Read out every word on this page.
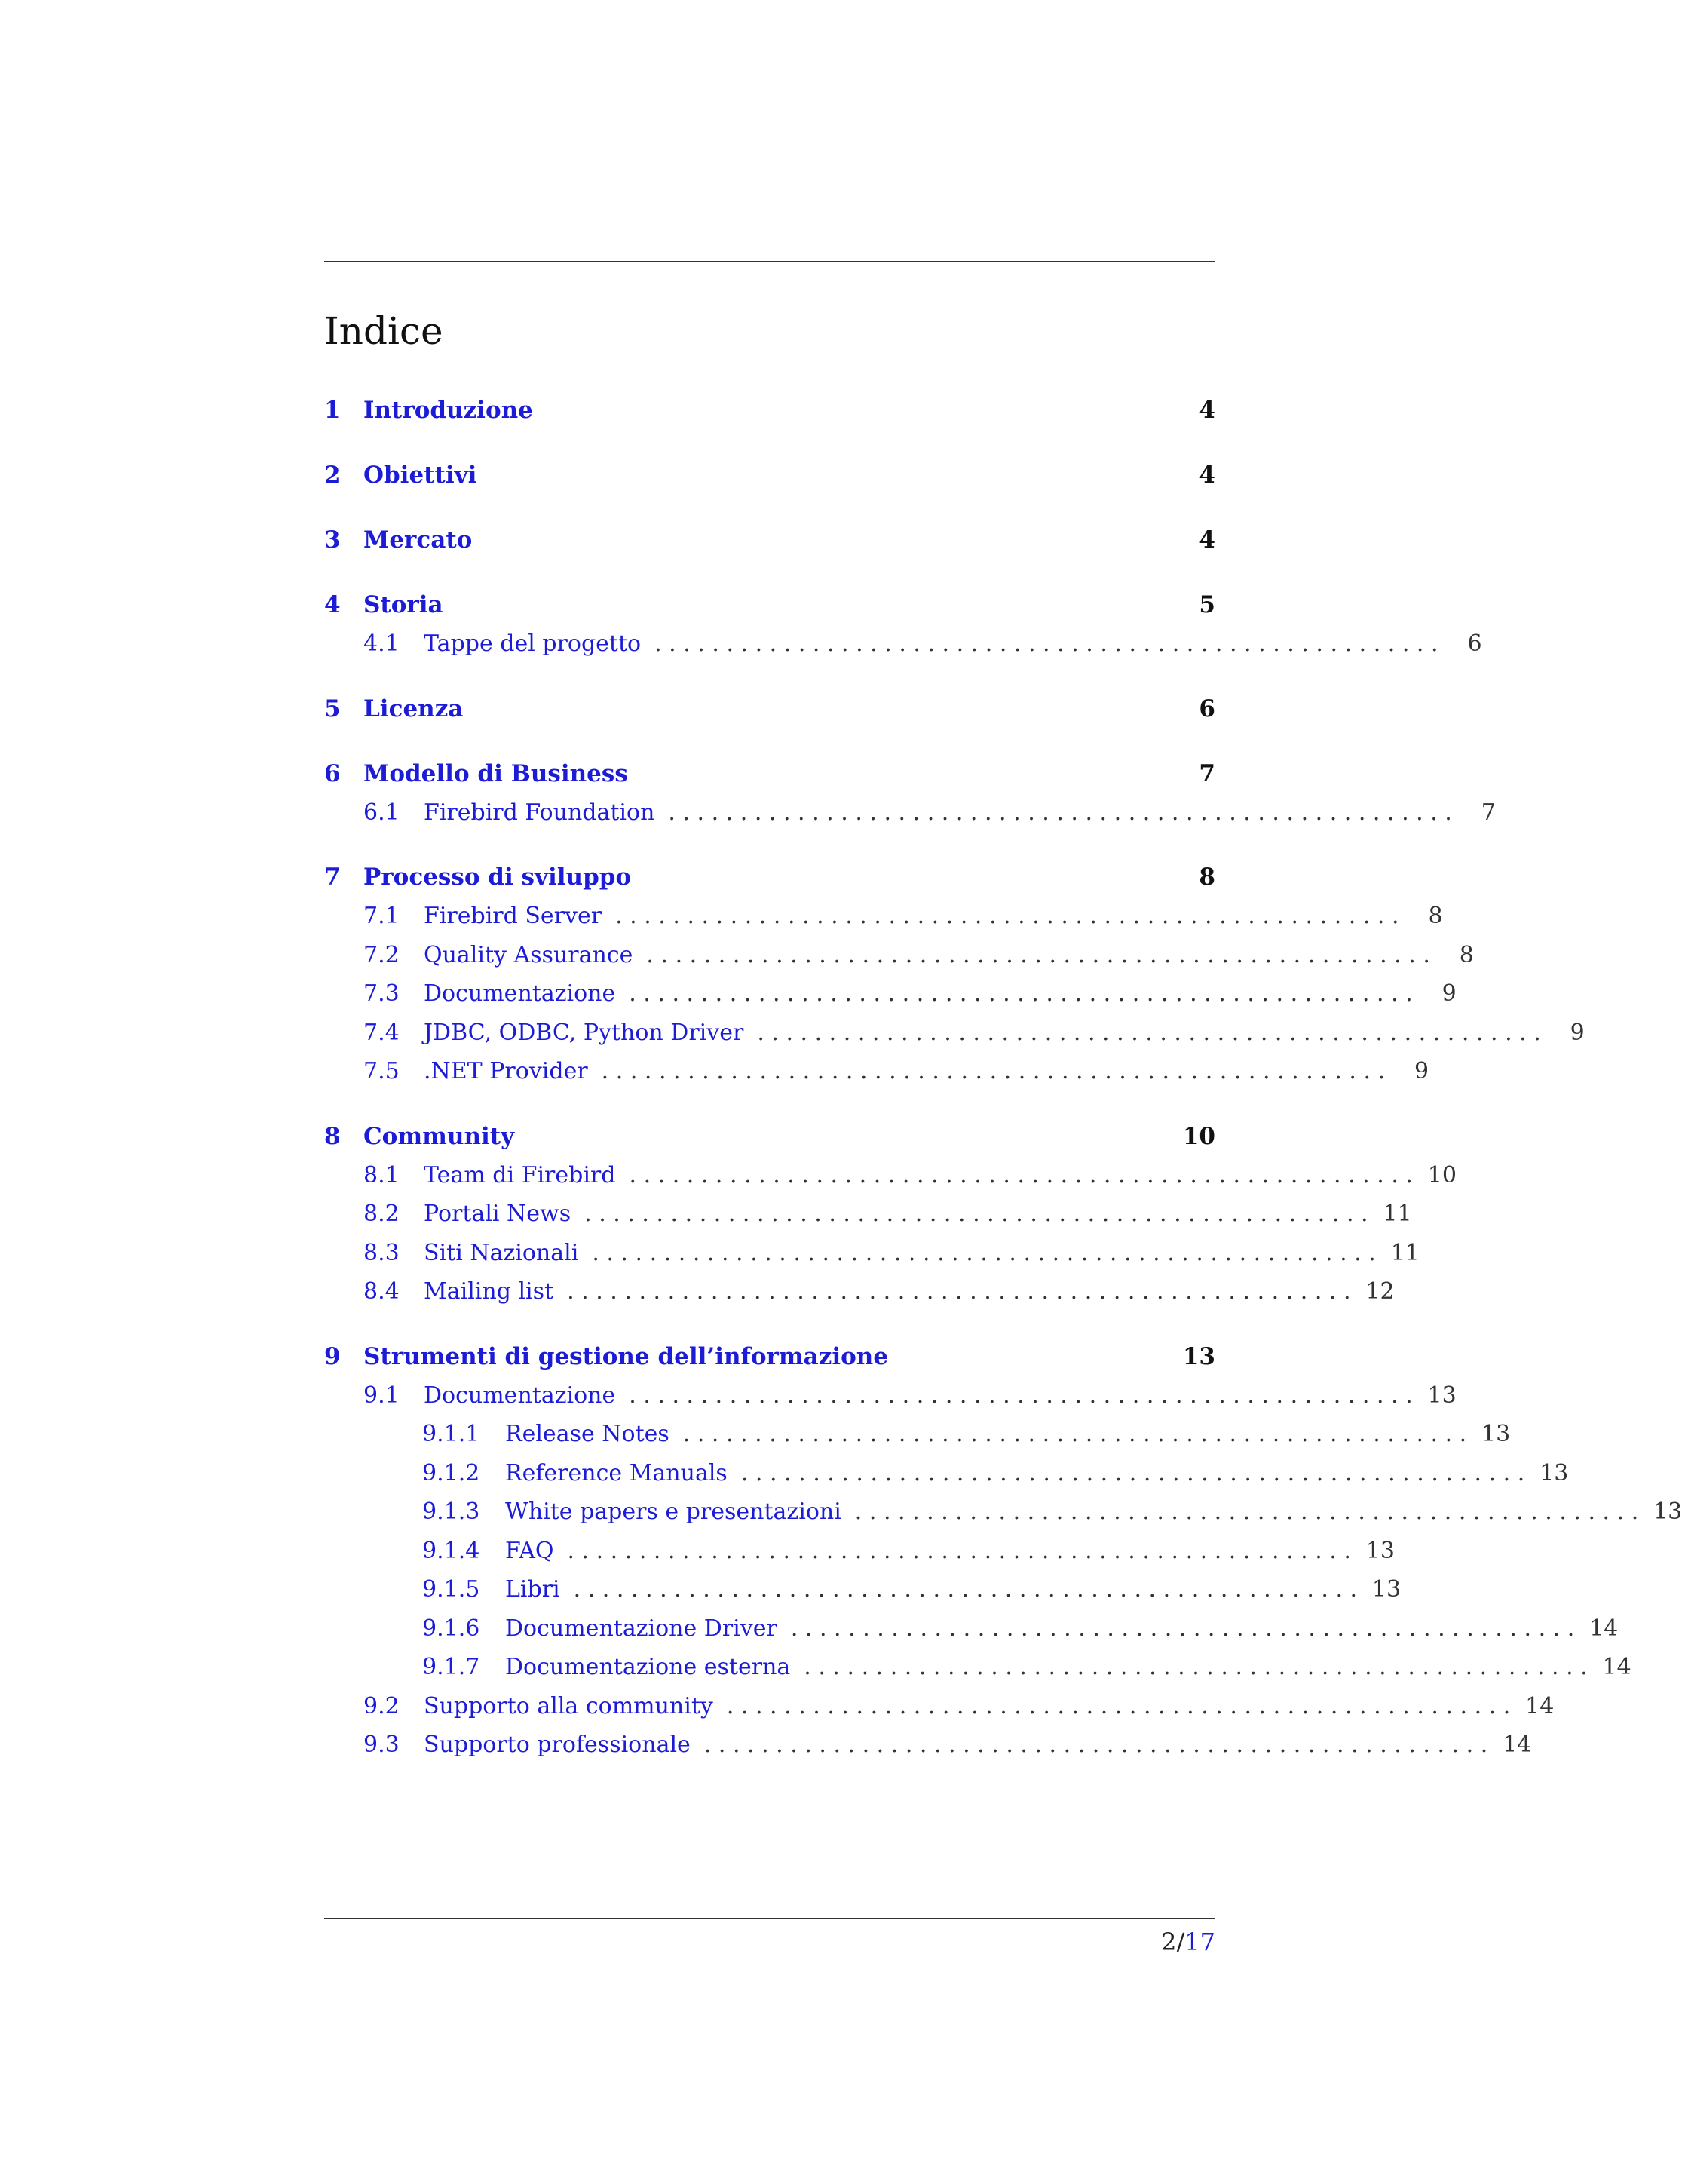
Indice
1 Introduzione	4
2 Obiettivi	4
3 Mercato	4
4 Storia	5
4.1	Tappe del progetto . . . . . . . . . . . . . . . . . . . . . . . . . . . . . . . . . . . . . . . . . . . . . . . . . . . . . . .	6
5 Licenza	6
6 Modello di Business	7
6.1	Firebird Foundation . . . . . . . . . . . . . . . . . . . . . . . . . . . . . . . . . . . . . . . . . . . . . . . . . . . . . . .	7
7 Processo di sviluppo	8
7.1	Firebird Server . . . . . . . . . . . . . . . . . . . . . . . . . . . . . . . . . . . . . . . . . . . . . . . . . . . . . . .	8
7.2	Quality Assurance . . . . . . . . . . . . . . . . . . . . . . . . . . . . . . . . . . . . . . . . . . . . . . . . . . . . . . .	8
7.3	Documentazione . . . . . . . . . . . . . . . . . . . . . . . . . . . . . . . . . . . . . . . . . . . . . . . . . . . . . . .	9
7.4	JDBC, ODBC, Python Driver . . . . . . . . . . . . . . . . . . . . . . . . . . . . . . . . . . . . . . . . . . . . . . . . . . . . . . .	9
7.5	.NET Provider . . . . . . . . . . . . . . . . . . . . . . . . . . . . . . . . . . . . . . . . . . . . . . . . . . . . . . .	9
8 Community	10
8.1	Team di Firebird . . . . . . . . . . . . . . . . . . . . . . . . . . . . . . . . . . . . . . . . . . . . . . . . . . . . . . . 10
8.2	Portali News . . . . . . . . . . . . . . . . . . . . . . . . . . . . . . . . . . . . . . . . . . . . . . . . . . . . . . . 11
8.3	Siti Nazionali . . . . . . . . . . . . . . . . . . . . . . . . . . . . . . . . . . . . . . . . . . . . . . . . . . . . . . . 11
8.4	Mailing list . . . . . . . . . . . . . . . . . . . . . . . . . . . . . . . . . . . . . . . . . . . . . . . . . . . . . . . 12
9 Strumenti di gestione dell’informazione	13
9.1	Documentazione . . . . . . . . . . . . . . . . . . . . . . . . . . . . . . . . . . . . . . . . . . . . . . . . . . . . . . . 13
9.1.1	Release Notes . . . . . . . . . . . . . . . . . . . . . . . . . . . . . . . . . . . . . . . . . . . . . . . . . . . . . . . 13
9.1.2	Reference Manuals . . . . . . . . . . . . . . . . . . . . . . . . . . . . . . . . . . . . . . . . . . . . . . . . . . . . . . . 13
9.1.3	White papers e presentazioni . . . . . . . . . . . . . . . . . . . . . . . . . . . . . . . . . . . . . . . . . . . . . . . . . . . . . . . 13
9.1.4	FAQ . . . . . . . . . . . . . . . . . . . . . . . . . . . . . . . . . . . . . . . . . . . . . . . . . . . . . . . 13
9.1.5	Libri . . . . . . . . . . . . . . . . . . . . . . . . . . . . . . . . . . . . . . . . . . . . . . . . . . . . . . . 13
9.1.6	Documentazione Driver . . . . . . . . . . . . . . . . . . . . . . . . . . . . . . . . . . . . . . . . . . . . . . . . . . . . . . . 14
9.1.7	Documentazione esterna . . . . . . . . . . . . . . . . . . . . . . . . . . . . . . . . . . . . . . . . . . . . . . . . . . . . . . . 14
9.2	Supporto alla community . . . . . . . . . . . . . . . . . . . . . . . . . . . . . . . . . . . . . . . . . . . . . . . . . . . . . . . 14
9.3	Supporto professionale . . . . . . . . . . . . . . . . . . . . . . . . . . . . . . . . . . . . . . . . . . . . . . . . . . . . . . . 14
2/17
